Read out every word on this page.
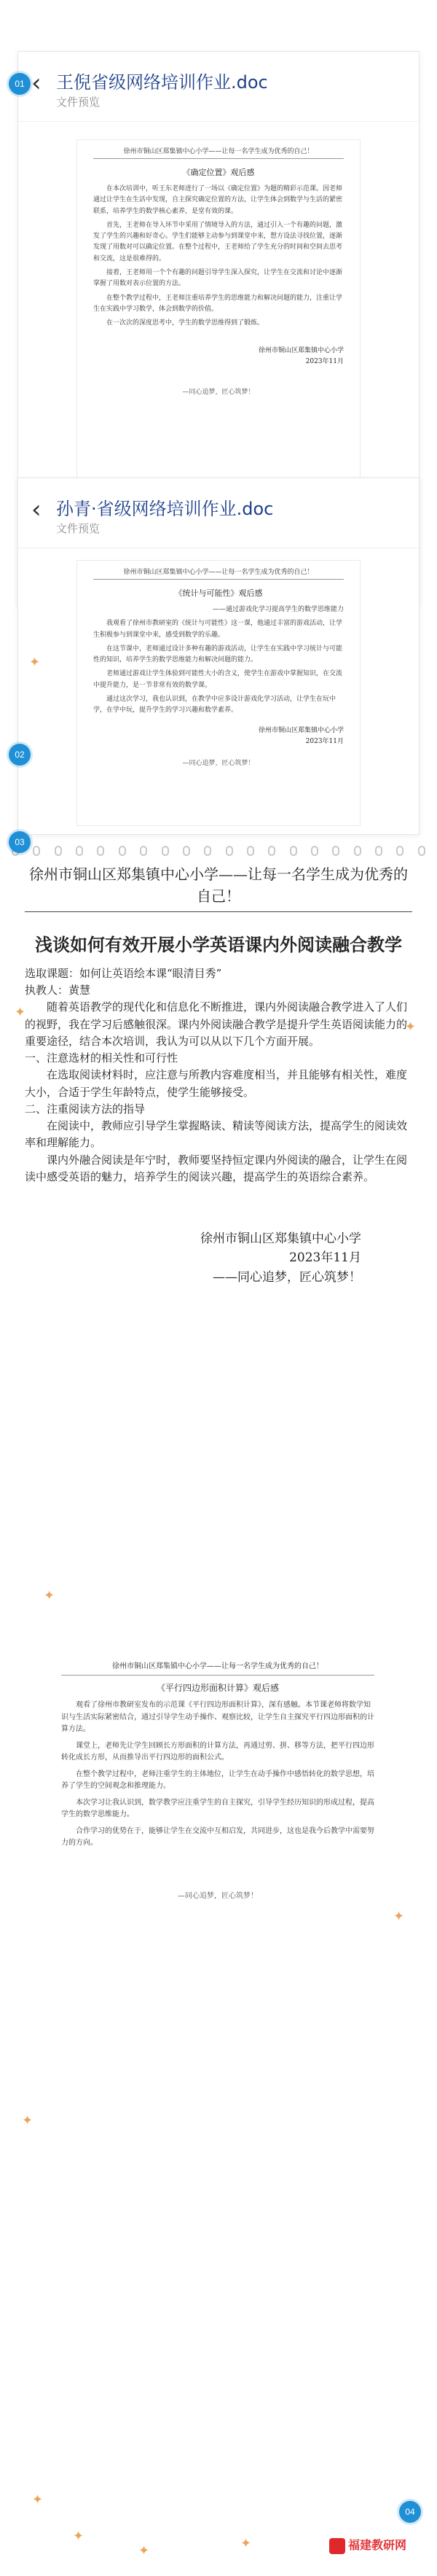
‹ 王倪省级网络培训作业.doc
文件预览
徐州市铜山区郑集镇中心小学——让每一名学生成为优秀的自己！
《确定位置》观后感

在本次培训中，听王东老师进行了一场以《确定位置》为题的精彩示范课。因老师通过让学生在生活中发现，自主探究确定位置的方法，让学生体会到数学与生活的紧密联系，培养学生的数学核心素养，是堂有效的课。

首先，王老师在导入环节中采用了情境导入的方法，通过引入一个有趣的问题，激发了学生的兴趣和好奇心。学生们能够主动参与到课堂中来，想方设法寻找位置，逐渐发现了用数对可以确定位置。在整个过程中，王老师给了学生充分的时间和空间去思考和交流，这是很难得的。

接着，王老师用一个个有趣的问题引导学生深入探究，让学生在交流和讨论中逐渐掌握了用数对表示位置的方法。

在整个教学过程中，王老师注重培养学生的思维能力和解决问题的能力，注重让学生在实践中学习数学，体会到数学的价值。

在一次次的深度思考中，学生的数学思维得到了锻炼。

徐州市铜山区郑集镇中心小学
2023年11月
—同心追梦，匠心筑梦！
01
‹ 孙青·省级网络培训作业.doc
文件预览
徐州市铜山区郑集镇中心小学——让每一名学生成为优秀的自己！
《统计与可能性》观后感

——通过游戏化学习提高学生的数学思维能力

我观看了徐州市教研室的《统计与可能性》这一课，他通过丰富的游戏活动，让学生积极参与到课堂中来，感受到数学的乐趣。

在这节课中，老师通过设计多种有趣的游戏活动，让学生在实践中学习统计与可能性的知识，培养学生的数学思维能力和解决问题的能力。

老师通过游戏让学生体验到可能性大小的含义，使学生在游戏中掌握知识，在交流中提升能力，是一节非常有效的数学课。

通过这次学习，我也认识到，在教学中应多设计游戏化学习活动，让学生在玩中学，在学中玩，提升学生的学习兴趣和数学素养。

徐州市铜山区郑集镇中心小学
2023年11月
—同心追梦，匠心筑梦！
02
徐州市铜山区郑集镇中心小学——让每一名学生成为优秀的自己！
浅谈如何有效开展小学英语课内外阅读融合教学

选取课题：如何让英语绘本课“眼清目秀”

执教人：黄慧

随着英语教学的现代化和信息化不断推进，课内外阅读融合教学进入了人们的视野，我在学习后感触很深。课内外阅读融合教学是提升学生英语阅读能力的重要途径，结合本次培训，我认为可以从以下几个方面开展。

一、注意选材的相关性和可行性

在选取阅读材料时，应注意与所教内容难度相当，并且能够有相关性，难度大小，合适于学生年龄特点，使学生能够接受。

二、注重阅读方法的指导

在阅读中，教师应引导学生掌握略读、精读等阅读方法，提高学生的阅读效率和理解能力。

课内外融合阅读是年宁时，教师要坚持恒定课内外阅读的融合，让学生在阅读中感受英语的魅力，培养学生的阅读兴趣，提高学生的英语综合素养。

徐州市铜山区郑集镇中心小学
2023年11月
——同心追梦，匠心筑梦！
03
徐州市铜山区郑集镇中心小学——让每一名学生成为优秀的自己！
《平行四边形面积计算》观后感

观看了徐州市教研室发布的示范课《平行四边形面积计算》，深有感触。本节课老师将数学知识与生活实际紧密结合，通过引导学生动手操作、观察比较，让学生自主探究平行四边形面积的计算方法。

课堂上，老师先让学生回顾长方形面积的计算方法，再通过剪、拼、移等方法，把平行四边形转化成长方形，从而推导出平行四边形的面积公式。

在整个教学过程中，老师注重学生的主体地位，让学生在动手操作中感悟转化的数学思想，培养了学生的空间观念和推理能力。

本次学习让我认识到，数学教学应注重学生的自主探究，引导学生经历知识的形成过程，提高学生的数学思维能力。

合作学习的优势在于，能够让学生在交流中互相启发，共同进步，这也是我今后教学中需要努力的方向。

—同心追梦，匠心筑梦！
04
✦
✦
✦
✦
✦
✦
✦
✦
✦	✦	福建教研网
